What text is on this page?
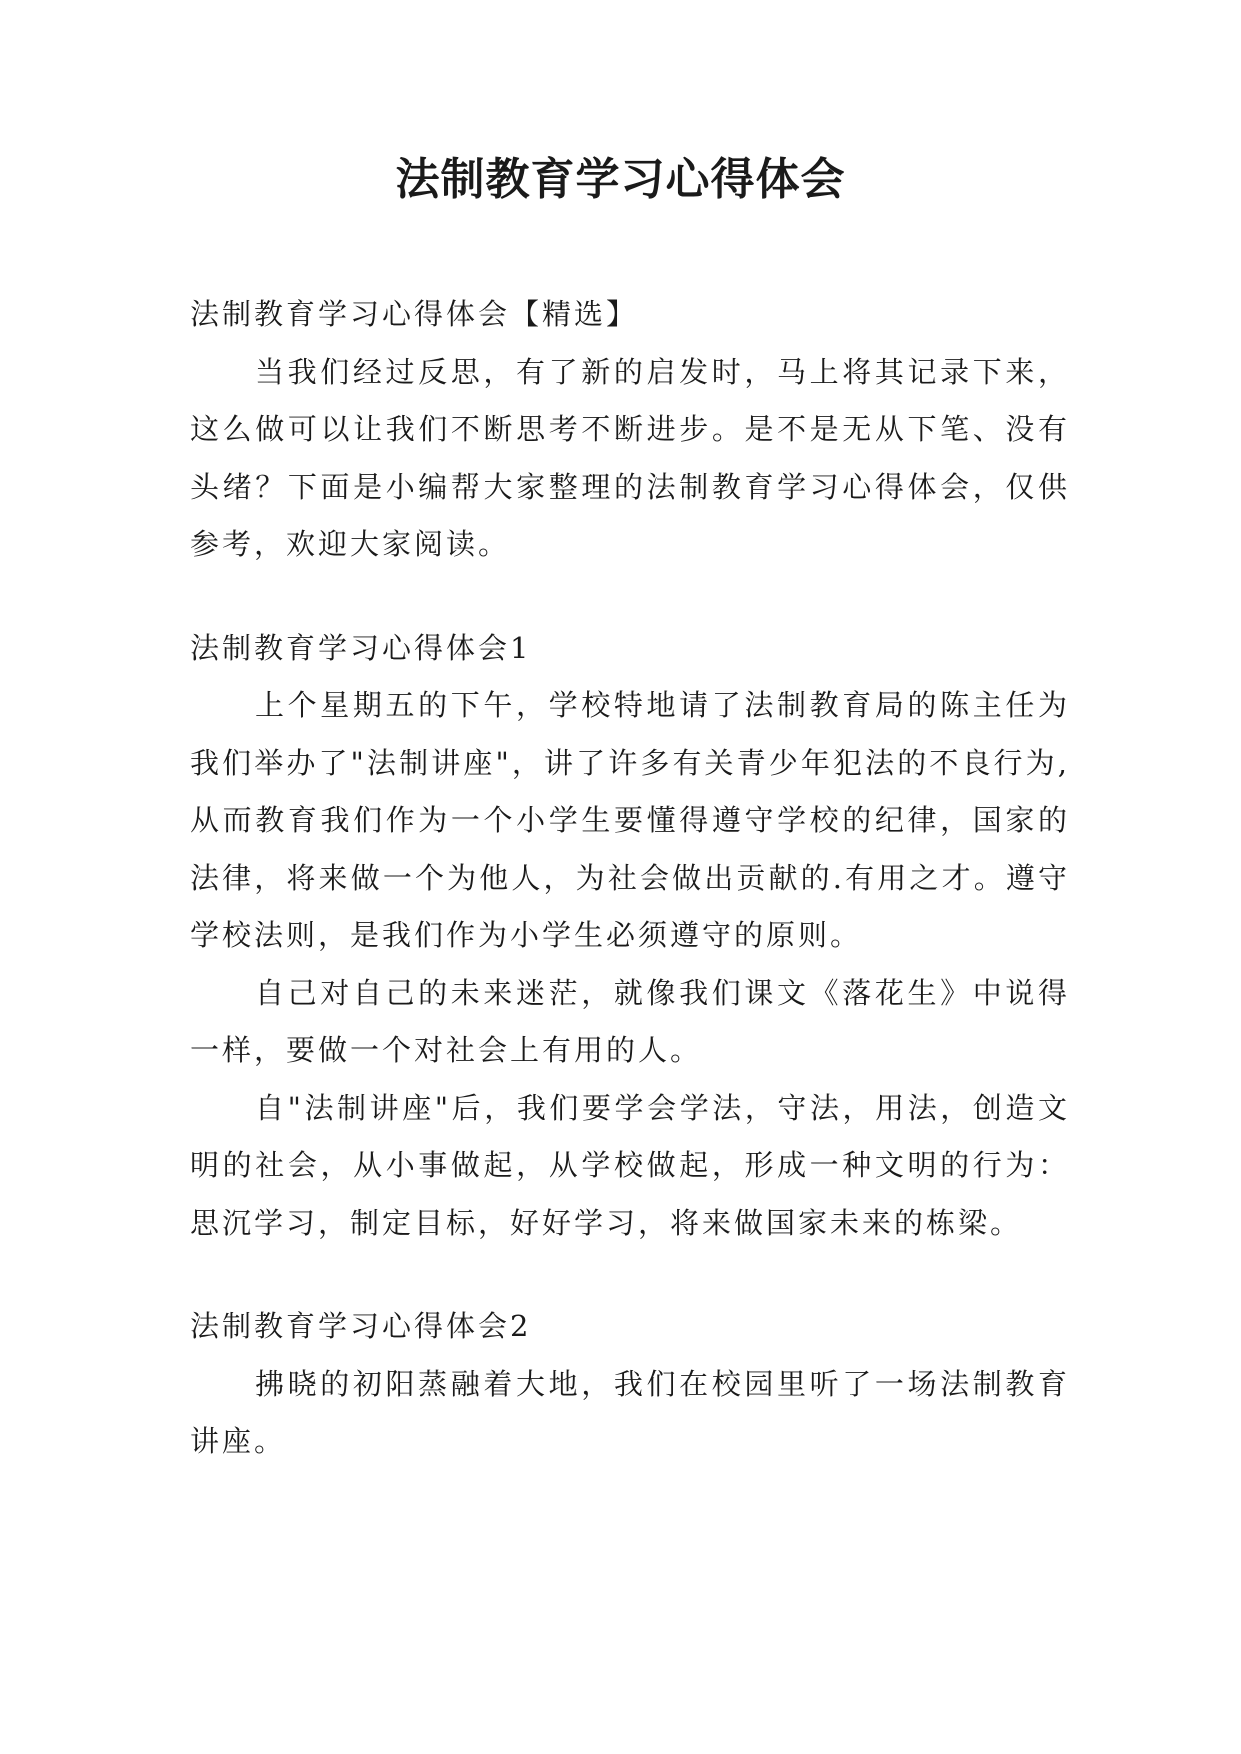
法制教育学习心得体会

法制教育学习心得体会【精选】

当我们经过反思，有了新的启发时，马上将其记录下来，这么做可以让我们不断思考不断进步。是不是无从下笔、没有头绪？下面是小编帮大家整理的法制教育学习心得体会，仅供参考，欢迎大家阅读。

法制教育学习心得体会1

上个星期五的下午，学校特地请了法制教育局的陈主任为我们举办了"法制讲座"，讲了许多有关青少年犯法的不良行为,从而教育我们作为一个小学生要懂得遵守学校的纪律，国家的法律，将来做一个为他人，为社会做出贡献的.有用之才。遵守学校法则，是我们作为小学生必须遵守的原则。

自己对自己的未来迷茫，就像我们课文《落花生》中说得一样，要做一个对社会上有用的人。

自"法制讲座"后，我们要学会学法，守法，用法，创造文明的社会，从小事做起，从学校做起，形成一种文明的行为：思沉学习，制定目标，好好学习，将来做国家未来的栋梁。

法制教育学习心得体会2

拂晓的初阳蒸融着大地，我们在校园里听了一场法制教育讲座。
